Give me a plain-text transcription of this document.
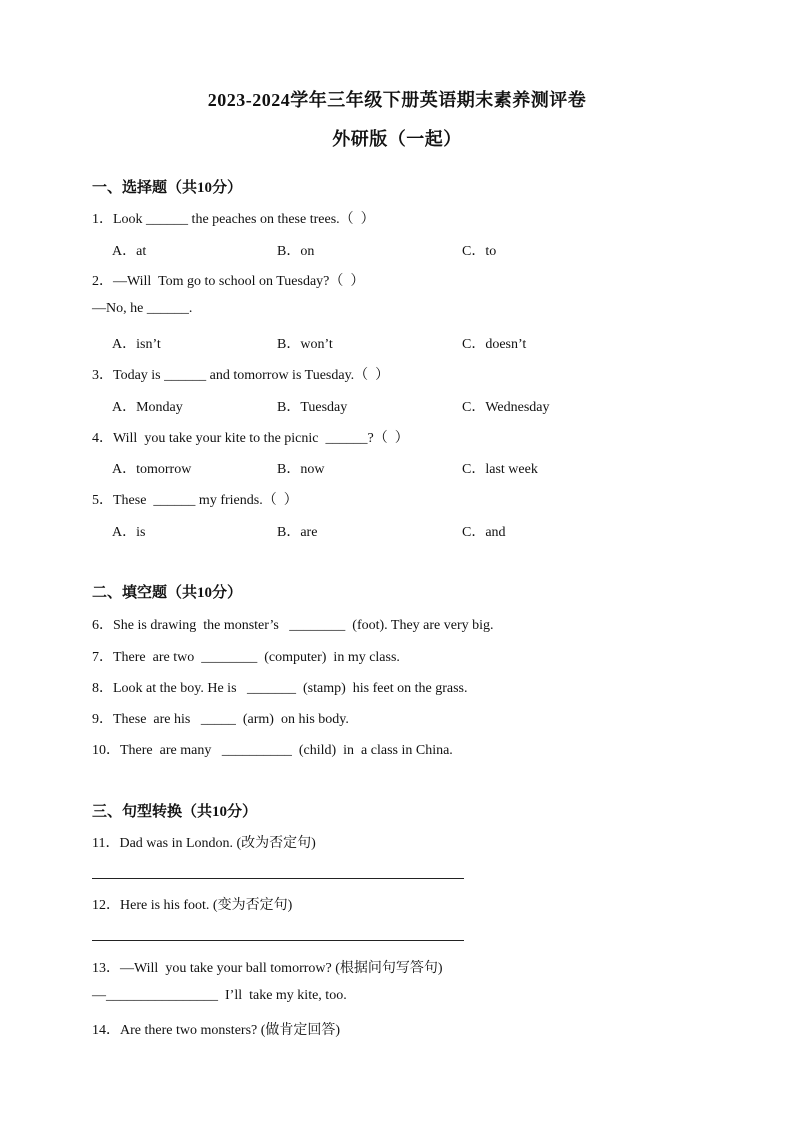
2023-2024学年三年级下册英语期末素养测评卷
外研版（一起）
一、选择题（共10分）
1．Look ______ the peaches on these trees.（  ）
A．at	B．on	C．to
2．—Will  Tom go to school on Tuesday?（  ）
—No, he ______.
A．isn’t	B．won’t	C．doesn’t
3．Today is ______ and tomorrow is Tuesday.（  ）
A．Monday	B．Tuesday	C．Wednesday
4．Will  you take your kite to the picnic  ______?（  ）
A．tomorrow	B．now	C．last week
5．These  ______ my friends.（  ）
A．is	B．are	C．and
二、填空题（共10分）
6．She is drawing  the monster’s   ________  (foot). They are very big.
7．There  are two  ________  (computer)  in my class.
8．Look at the boy. He is   _______  (stamp)  his feet on the grass.
9．These  are his   _____  (arm)  on his body.
10．There  are many   __________  (child)  in  a class in China.
三、句型转换（共10分）
11．Dad was in London. (改为否定句)
12．Here is his foot. (变为否定句)
13．—Will  you take your ball tomorrow? (根据问句写答句)
—________________  I’ll  take my kite, too.
14．Are there two monsters? (做肯定回答)
